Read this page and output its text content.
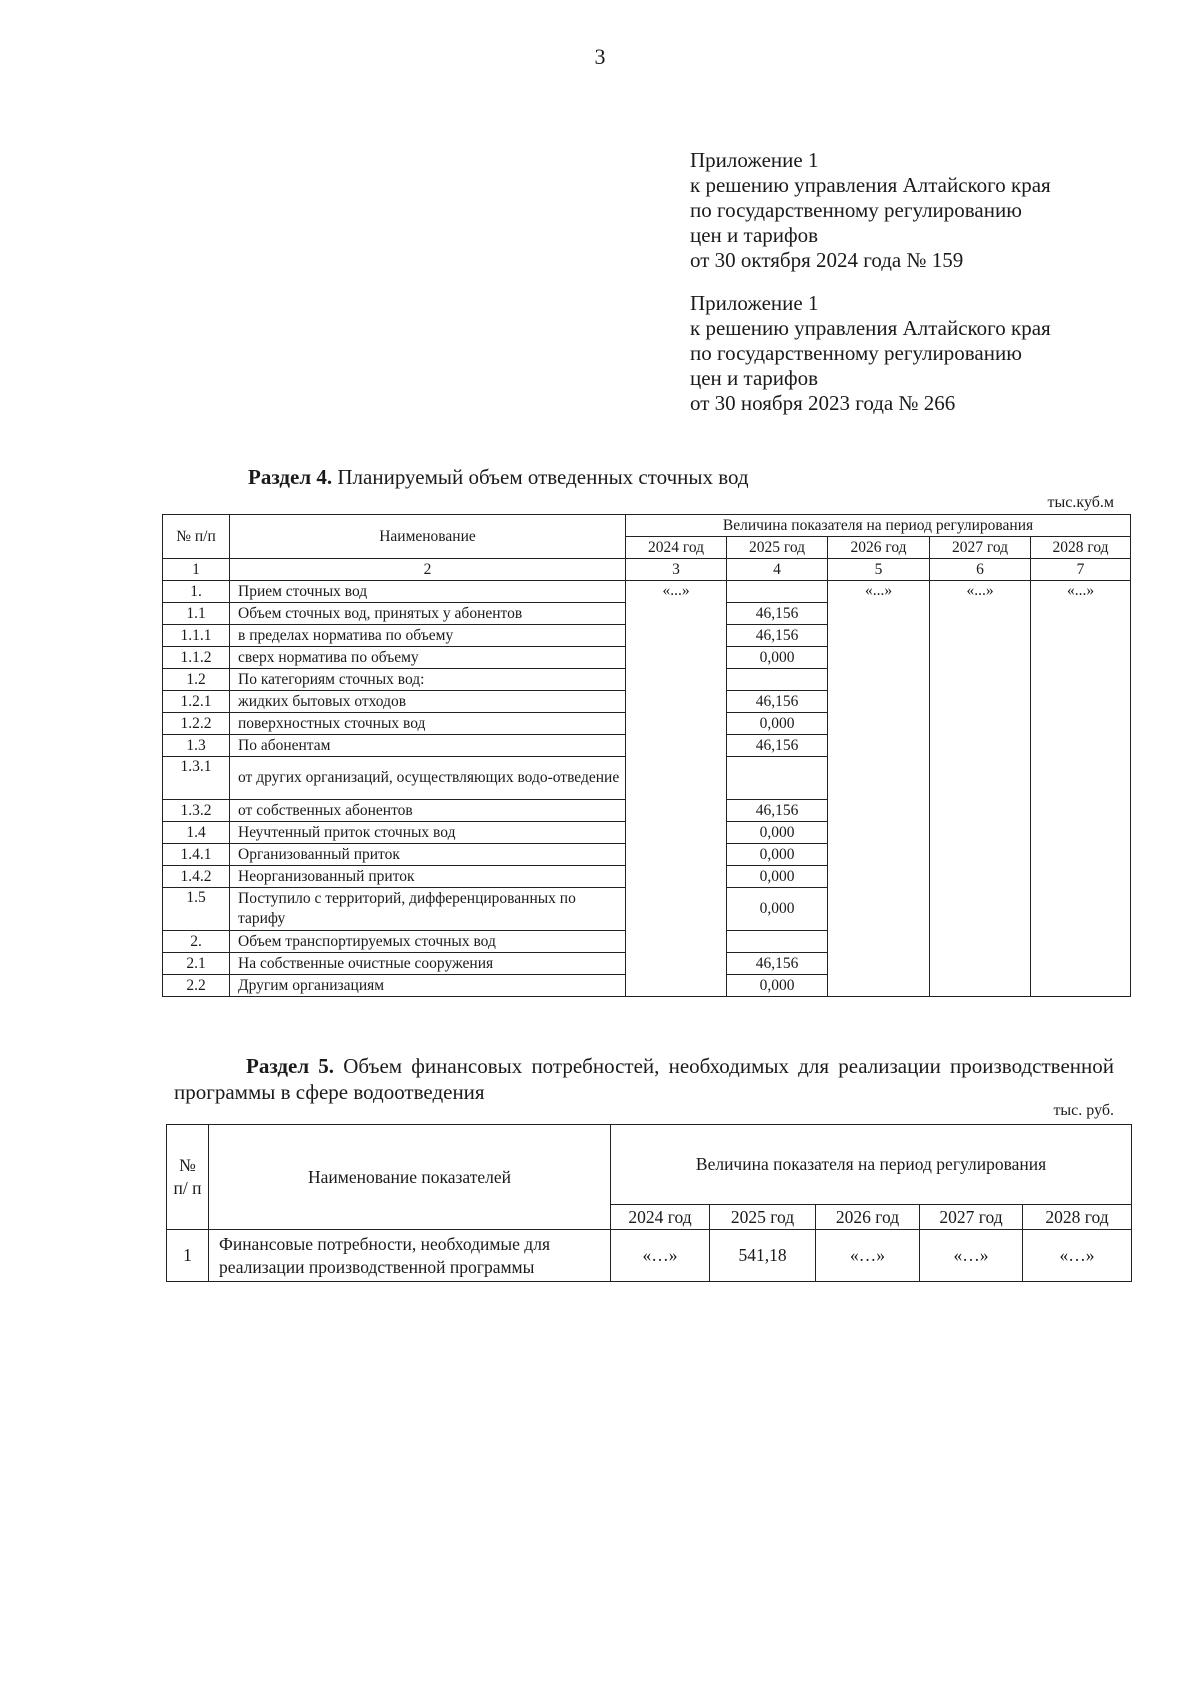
3
Приложение 1
к решению управления Алтайского края
по государственному регулированию
цен и тарифов
от 30 октября 2024 года № 159
Приложение 1
к решению управления Алтайского края
по государственному регулированию
цен и тарифов
от 30 ноября 2023 года № 266
Раздел 4. Планируемый объем отведенных сточных вод
тыс.куб.м
№ п/п	Наименование	Величина показателя на период регулирования				
		2024 год	2025 год	2026 год	2027 год	2028 год
1	2	3	4	5	6	7
1.	Прием сточных вод	«...»		«...»	«...»	«...»
1.1	Объем сточных вод, принятых у абонентов		46,156			
1.1.1	в пределах норматива по объему		46,156			
1.1.2	сверх норматива по объему		0,000			
1.2	По категориям сточных вод:					
1.2.1	жидких бытовых отходов		46,156			
1.2.2	поверхностных сточных вод		0,000			
1.3	По абонентам		46,156			
1.3.1	от других организаций, осуществляющих водо-отведение					
1.3.2	от собственных абонентов		46,156			
1.4	Неучтенный приток сточных вод		0,000			
1.4.1	Организованный приток		0,000			
1.4.2	Неорганизованный приток		0,000			
1.5	Поступило с территорий, дифференцированных по тарифу		0,000			
2.	Объем транспортируемых сточных вод					
2.1	На собственные очистные сооружения		46,156			
2.2	Другим организациям		0,000			
Раздел 5. Объем финансовых потребностей, необходимых для реализации производственной программы в сфере водоотведения
тыс. руб.
№ п/ п	Наименование показателей	Величина показателя на период регулирования				
		2024 год	2025 год	2026 год	2027 год	2028 год
1	Финансовые потребности, необходимые для реализации производственной программы	«…»	541,18	«…»	«…»	«…»
